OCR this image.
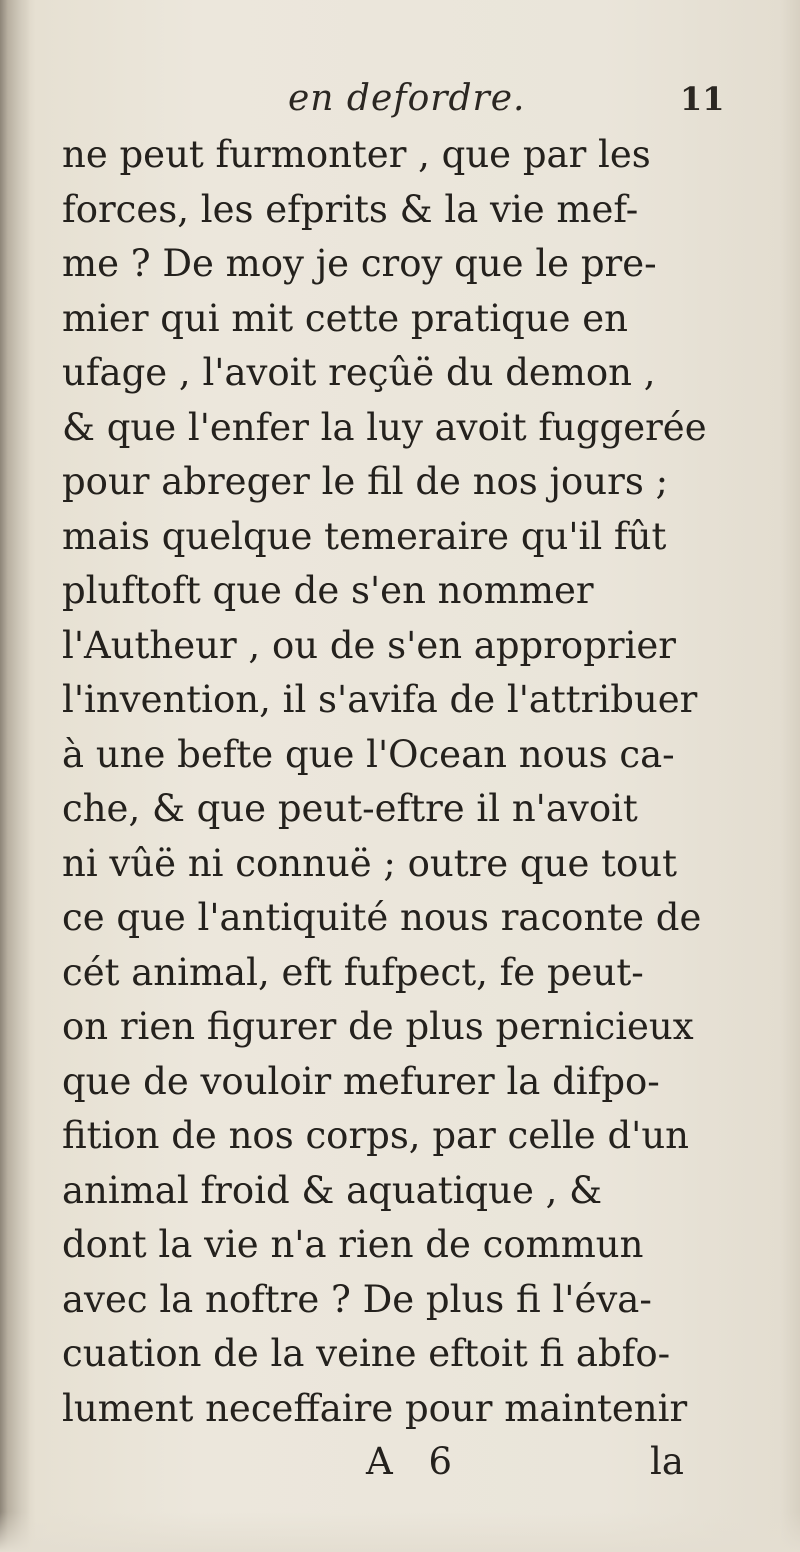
en defordre.	11
ne peut furmonter , que par les
forces, les efprits & la vie mef-
me ? De moy je croy que le pre-
mier qui mit cette pratique en
ufage , l'avoit reçûë du demon ,
& que l'enfer la luy avoit fuggerée
pour abreger le fil de nos jours ;
mais quelque temeraire qu'il fût
pluftoft que de s'en nommer
l'Autheur , ou de s'en approprier
l'invention, il s'avifa de l'attribuer
à une befte que l'Ocean nous ca-
che, & que peut-eftre il n'avoit
ni vûë ni connuë ; outre que tout
ce que l'antiquité nous raconte de
cét animal, eft fufpect, fe peut-
on rien figurer de plus pernicieux
que de vouloir mefurer la difpo-
fition de nos corps, par celle d'un
animal froid & aquatique , &
dont la vie n'a rien de commun
avec la noftre ? De plus fi l'éva-
cuation de la veine eftoit fi abfo-
lument neceffaire pour maintenir
A 6	la
